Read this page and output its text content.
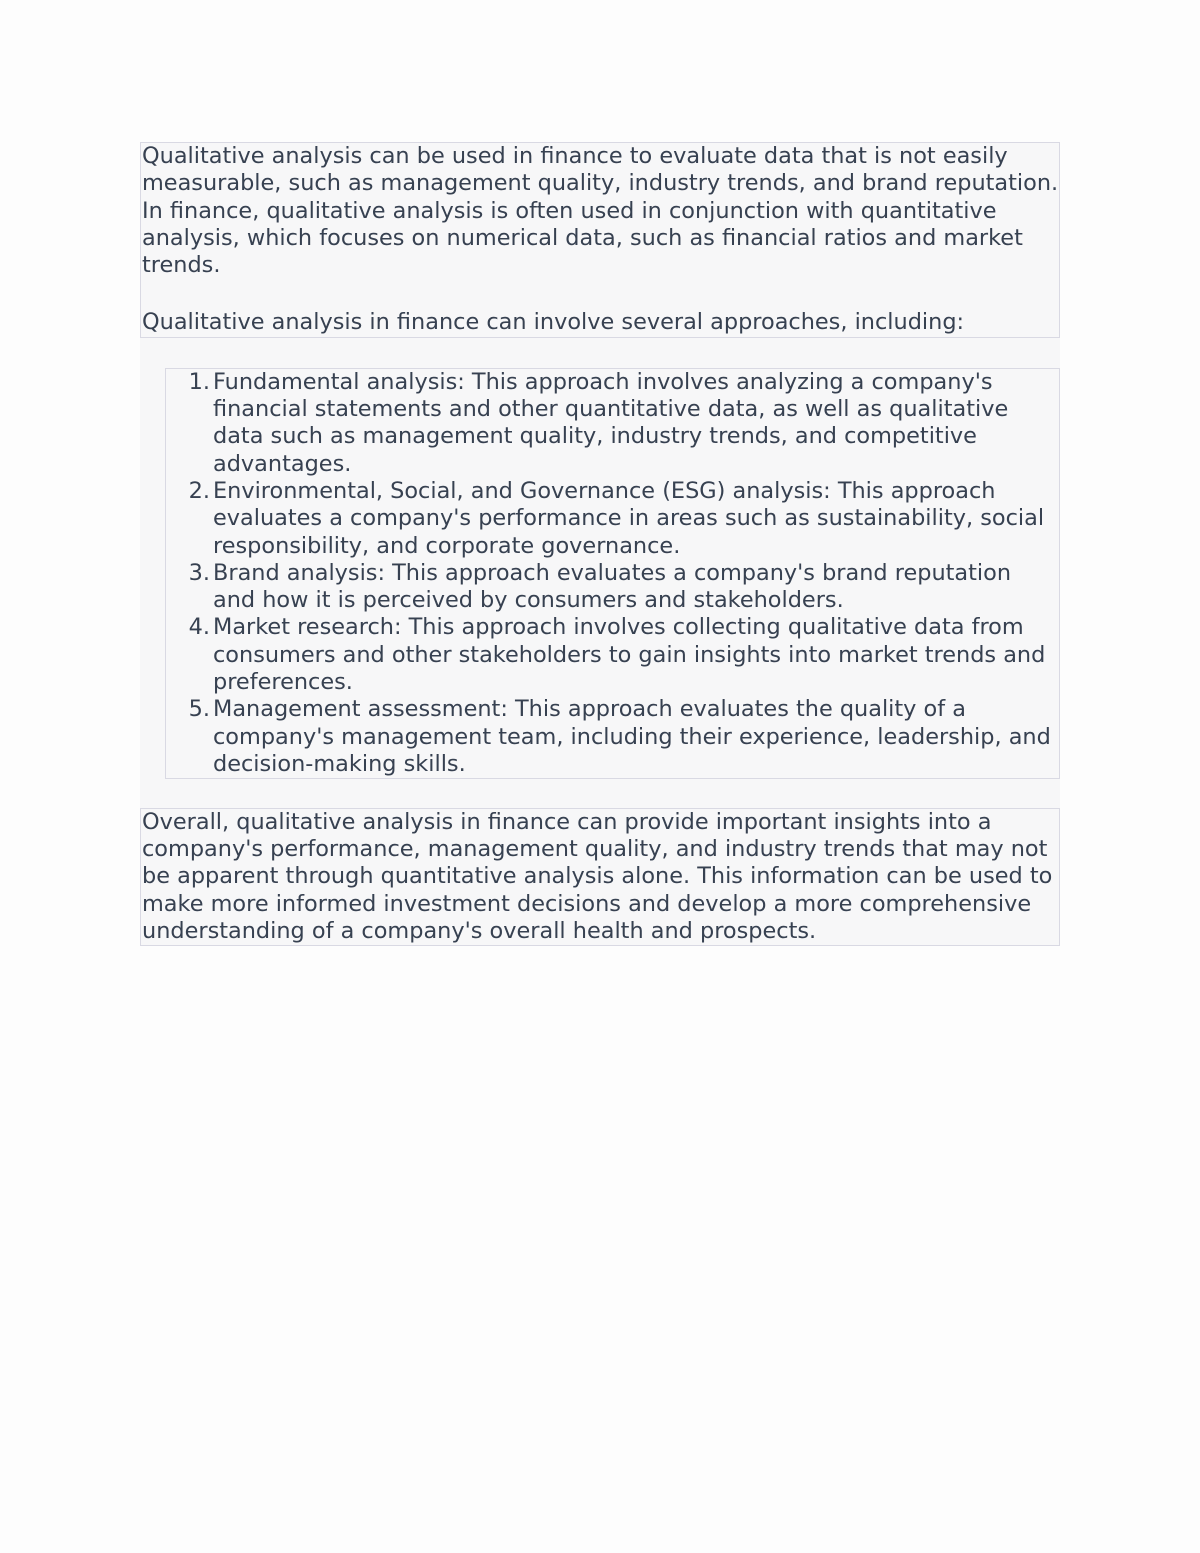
Qualitative analysis can be used in finance to evaluate data that is not easily measurable, such as management quality, industry trends, and brand reputation. In finance, qualitative analysis is often used in conjunction with quantitative analysis, which focuses on numerical data, such as financial ratios and market trends.

Qualitative analysis in finance can involve several approaches, including:

1. Fundamental analysis: This approach involves analyzing a company's financial statements and other quantitative data, as well as qualitative data such as management quality, industry trends, and competitive advantages.
2. Environmental, Social, and Governance (ESG) analysis: This approach evaluates a company's performance in areas such as sustainability, social responsibility, and corporate governance.
3. Brand analysis: This approach evaluates a company's brand reputation and how it is perceived by consumers and stakeholders.
4. Market research: This approach involves collecting qualitative data from consumers and other stakeholders to gain insights into market trends and preferences.
5. Management assessment: This approach evaluates the quality of a company's management team, including their experience, leadership, and decision-making skills.

Overall, qualitative analysis in finance can provide important insights into a company's performance, management quality, and industry trends that may not be apparent through quantitative analysis alone. This information can be used to make more informed investment decisions and develop a more comprehensive understanding of a company's overall health and prospects.
